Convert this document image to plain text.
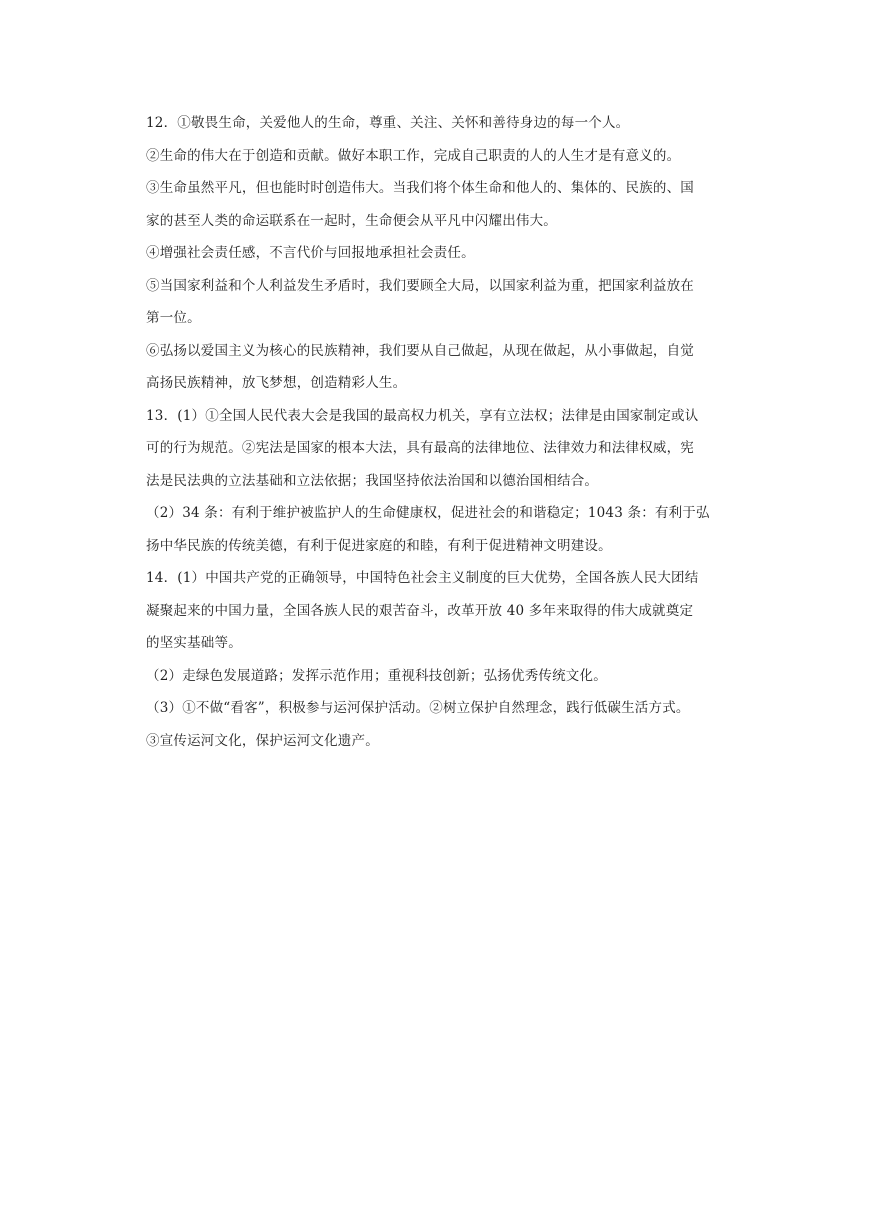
12．①敬畏生命，关爱他人的生命，尊重、关注、关怀和善待身边的每一个人。
②生命的伟大在于创造和贡献。做好本职工作，完成自己职责的人的人生才是有意义的。
③生命虽然平凡，但也能时时创造伟大。当我们将个体生命和他人的、集体的、民族的、国
家的甚至人类的命运联系在一起时，生命便会从平凡中闪耀出伟大。
④增强社会责任感，不言代价与回报地承担社会责任。
⑤当国家利益和个人利益发生矛盾时，我们要顾全大局，以国家利益为重，把国家利益放在
第一位。
⑥弘扬以爱国主义为核心的民族精神，我们要从自己做起，从现在做起，从小事做起，自觉
高扬民族精神，放飞梦想，创造精彩人生。
13．(1）①全国人民代表大会是我国的最高权力机关，享有立法权；法律是由国家制定或认
可的行为规范。②宪法是国家的根本大法，具有最高的法律地位、法律效力和法律权威，宪
法是民法典的立法基础和立法依据；我国坚持依法治国和以德治国相结合。
（2）34 条：有利于维护被监护人的生命健康权，促进社会的和谐稳定；1043 条：有利于弘
扬中华民族的传统美德，有利于促进家庭的和睦，有利于促进精神文明建设。
14．(1）中国共产党的正确领导，中国特色社会主义制度的巨大优势，全国各族人民大团结
凝聚起来的中国力量，全国各族人民的艰苦奋斗，改革开放 40 多年来取得的伟大成就奠定
的坚实基础等。
（2）走绿色发展道路；发挥示范作用；重视科技创新；弘扬优秀传统文化。
（3）①不做“看客”，积极参与运河保护活动。②树立保护自然理念，践行低碳生活方式。
③宣传运河文化，保护运河文化遗产。
